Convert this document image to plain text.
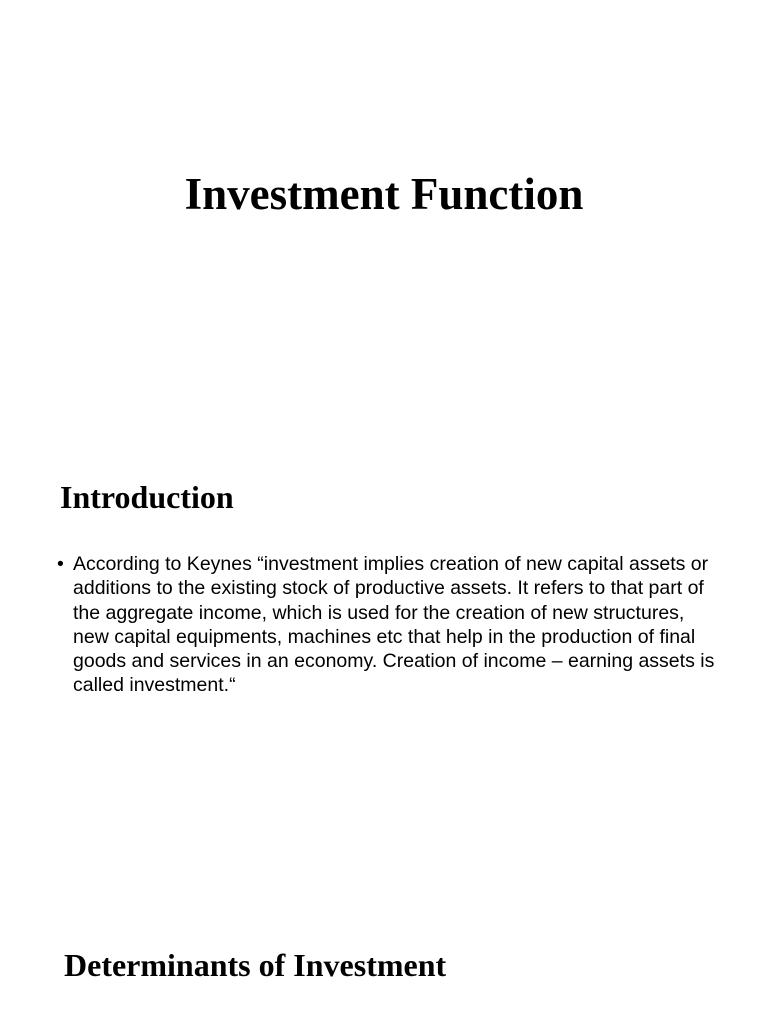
Investment Function
Introduction
• According to Keynes “investment implies creation of new capital assets or additions to the existing stock of productive assets. It refers to that part of the aggregate income, which is used for the creation of new structures, new capital equipments, machines etc that help in the production of final goods and services in an economy. Creation of income – earning assets is called investment.“
Determinants of Investment
